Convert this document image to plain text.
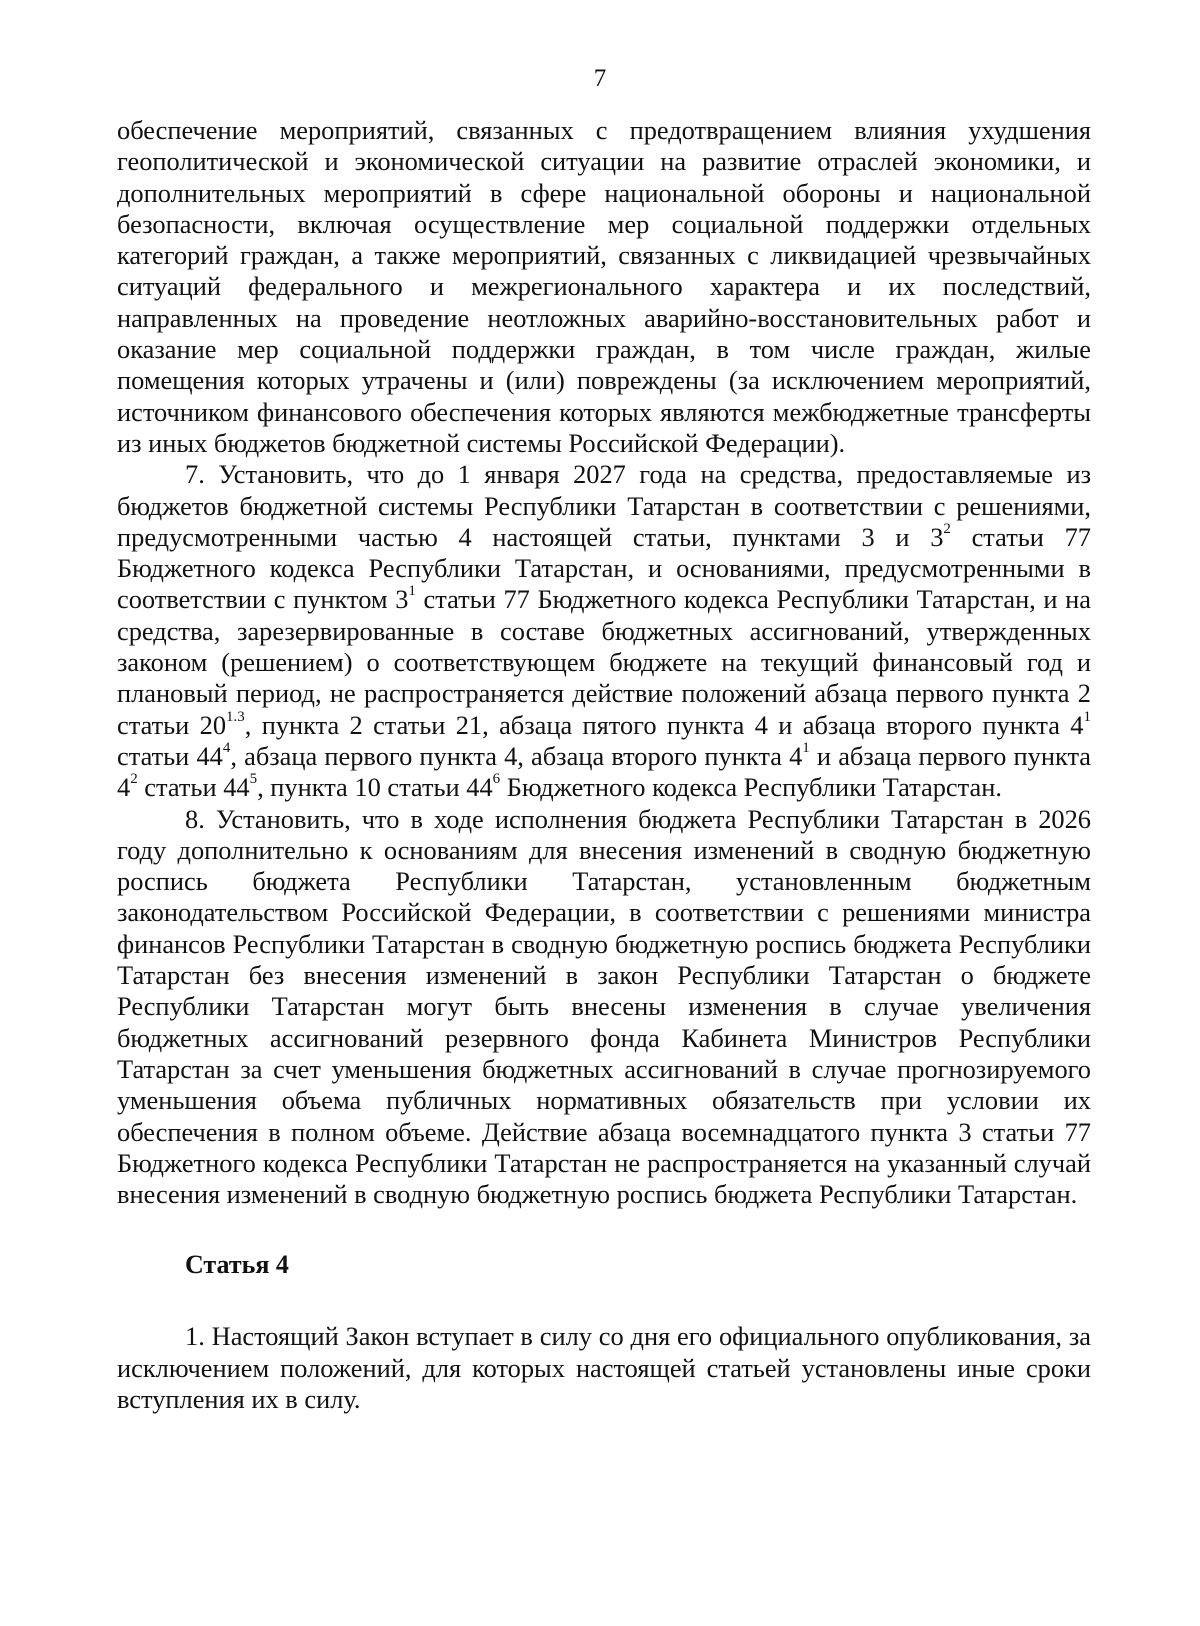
7

обеспечение мероприятий, связанных с предотвращением влияния ухудшения геополитической и экономической ситуации на развитие отраслей экономики, и дополнительных мероприятий в сфере национальной обороны и национальной безопасности, включая осуществление мер социальной поддержки отдельных категорий граждан, а также мероприятий, связанных с ликвидацией чрезвычайных ситуаций федерального и межрегионального характера и их последствий, направленных на проведение неотложных аварийно-восстановительных работ и оказание мер социальной поддержки граждан, в том числе граждан, жилые помещения которых утрачены и (или) повреждены (за исключением мероприятий, источником финансового обеспечения которых являются межбюджетные трансферты из иных бюджетов бюджетной системы Российской Федерации).

7. Установить, что до 1 января 2027 года на средства, предоставляемые из бюджетов бюджетной системы Республики Татарстан в соответствии с решениями, предусмотренными частью 4 настоящей статьи, пунктами 3 и $3^2$ статьи 77 Бюджетного кодекса Республики Татарстан, и основаниями, предусмотренными в соответствии с пунктом $3^1$ статьи 77 Бюджетного кодекса Республики Татарстан, и на средства, зарезервированные в составе бюджетных ассигнований, утвержденных законом (решением) о соответствующем бюджете на текущий финансовый год и плановый период, не распространяется действие положений абзаца первого пункта 2 статьи $20^{1.3}$, пункта 2 статьи 21, абзаца пятого пункта 4 и абзаца второго пункта $4^1$ статьи $44^4$, абзаца первого пункта 4, абзаца второго пункта $4^1$ и абзаца первого пункта $4^2$ статьи $44^5$, пункта 10 статьи $44^6$ Бюджетного кодекса Республики Татарстан.

8. Установить, что в ходе исполнения бюджета Республики Татарстан в 2026 году дополнительно к основаниям для внесения изменений в сводную бюджетную роспись бюджета Республики Татарстан, установленным бюджетным законодательством Российской Федерации, в соответствии с решениями министра финансов Республики Татарстан в сводную бюджетную роспись бюджета Республики Татарстан без внесения изменений в закон Республики Татарстан о бюджете Республики Татарстан могут быть внесены изменения в случае увеличения бюджетных ассигнований резервного фонда Кабинета Министров Республики Татарстан за счет уменьшения бюджетных ассигнований в случае прогнозируемого уменьшения объема публичных нормативных обязательств при условии их обеспечения в полном объеме. Действие абзаца восемнадцатого пункта 3 статьи 77 Бюджетного кодекса Республики Татарстан не распространяется на указанный случай внесения изменений в сводную бюджетную роспись бюджета Республики Татарстан.

Статья 4

1. Настоящий Закон вступает в силу со дня его официального опубликования, за исключением положений, для которых настоящей статьей установлены иные сроки вступления их в силу.
